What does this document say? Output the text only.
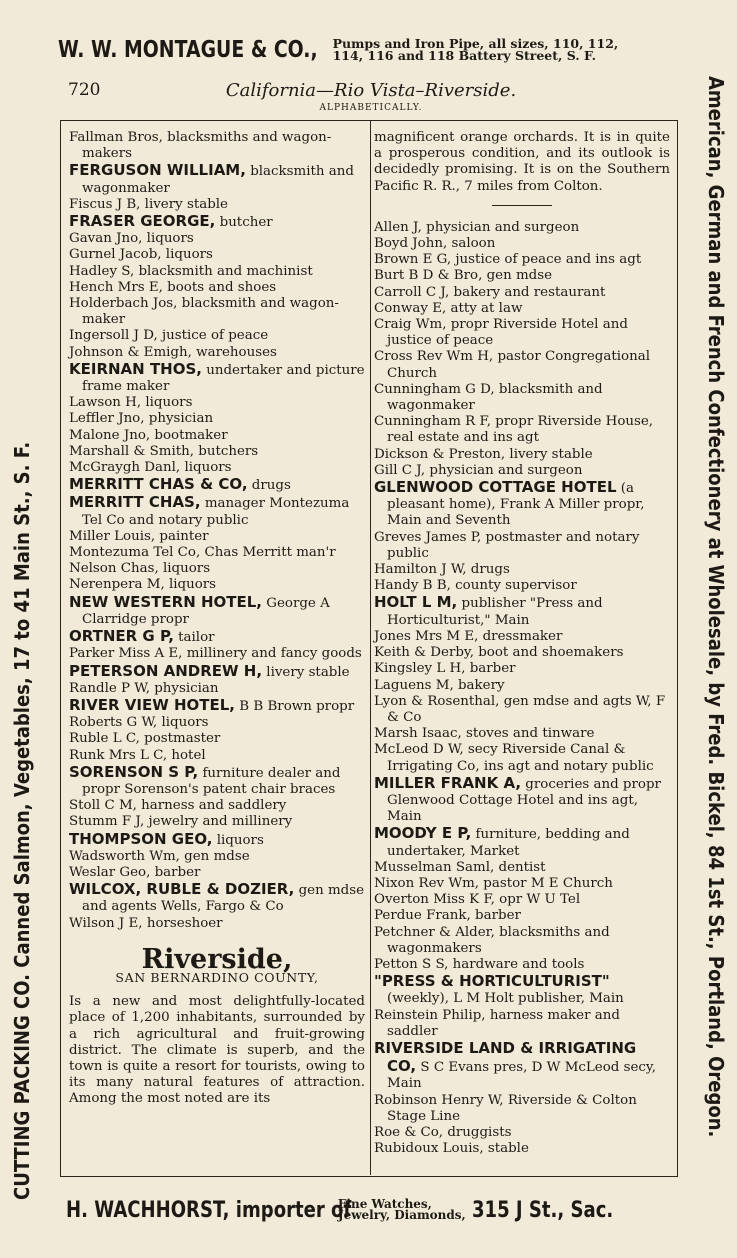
W. W. MONTAGUE & CO., Pumps and Iron Pipe, all sizes, 110, 112,
114, 116 and 118 Battery Street, S. F.
CUTTING PACKING CO. Canned Salmon, Vegetables, 17 to 41 Main St., S. F.	American, German and French Confectionery at Wholesale, by Fred. Bickel, 84 1st St., Portland, Oregon.
720	California—Rio Vista–Riverside.
ALPHABETICALLY.
Fallman Bros, blacksmiths and wagon-makers
FERGUSON WILLIAM, blacksmith and wagonmaker
Fiscus J B, livery stable
FRASER GEORGE, butcher
Gavan Jno, liquors
Gurnel Jacob, liquors
Hadley S, blacksmith and machinist
Hench Mrs E, boots and shoes
Holderbach Jos, blacksmith and wagon-maker
Ingersoll J D, justice of peace
Johnson & Emigh, warehouses
KEIRNAN THOS, undertaker and picture frame maker
Lawson H, liquors
Leffler Jno, physician
Malone Jno, bootmaker
Marshall & Smith, butchers
McGraygh Danl, liquors
MERRITT CHAS & CO, drugs
MERRITT CHAS, manager Montezuma Tel Co and notary public
Miller Louis, painter
Montezuma Tel Co, Chas Merritt man'r
Nelson Chas, liquors
Nerenpera M, liquors
NEW WESTERN HOTEL, George A Clarridge propr
ORTNER G P, tailor
Parker Miss A E, millinery and fancy goods
PETERSON ANDREW H, livery stable
Randle P W, physician
RIVER VIEW HOTEL, B B Brown propr
Roberts G W, liquors
Ruble L C, postmaster
Runk Mrs L C, hotel
SORENSON S P, furniture dealer and propr Sorenson's patent chair braces
Stoll C M, harness and saddlery
Stumm F J, jewelry and millinery
THOMPSON GEO, liquors
Wadsworth Wm, gen mdse
Weslar Geo, barber
WILCOX, RUBLE & DOZIER, gen mdse and agents Wells, Fargo & Co
Wilson J E, horseshoer
Riverside,
SAN BERNARDINO COUNTY,
Is a new and most delightfully-located place of 1,200 inhabitants, surrounded by a rich agricultural and fruit-growing district. The climate is superb, and the town is quite a resort for tourists, owing to its many natural features of attraction. Among the most noted are its
magnificent orange orchards. It is in quite a prosperous condition, and its outlook is decidedly promising. It is on the Southern Pacific R. R., 7 miles from Colton.
Allen J, physician and surgeon
Boyd John, saloon
Brown E G, justice of peace and ins agt
Burt B D & Bro, gen mdse
Carroll C J, bakery and restaurant
Conway E, atty at law
Craig Wm, propr Riverside Hotel and justice of peace
Cross Rev Wm H, pastor Congregational Church
Cunningham G D, blacksmith and wagonmaker
Cunningham R F, propr Riverside House, real estate and ins agt
Dickson & Preston, livery stable
Gill C J, physician and surgeon
GLENWOOD COTTAGE HOTEL (a pleasant home), Frank A Miller propr, Main and Seventh
Greves James P, postmaster and notary public
Hamilton J W, drugs
Handy B B, county supervisor
HOLT L M, publisher "Press and Horticulturist," Main
Jones Mrs M E, dressmaker
Keith & Derby, boot and shoemakers
Kingsley L H, barber
Laguens M, bakery
Lyon & Rosenthal, gen mdse and agts W, F & Co
Marsh Isaac, stoves and tinware
McLeod D W, secy Riverside Canal & Irrigating Co, ins agt and notary public
MILLER FRANK A, groceries and propr Glenwood Cottage Hotel and ins agt, Main
MOODY E P, furniture, bedding and undertaker, Market
Musselman Saml, dentist
Nixon Rev Wm, pastor M E Church
Overton Miss K F, opr W U Tel
Perdue Frank, barber
Petchner & Alder, blacksmiths and wagonmakers
Petton S S, hardware and tools
"PRESS & HORTICULTURIST" (weekly), L M Holt publisher, Main
Reinstein Philip, harness maker and saddler
RIVERSIDE LAND & IRRIGATING CO, S C Evans pres, D W McLeod secy, Main
Robinson Henry W, Riverside & Colton Stage Line
Roe & Co, druggists
Rubidoux Louis, stable
H. WACHHORST, importer of
Fine Watches,
Jewelry, Diamonds, 315 J St., Sac.
